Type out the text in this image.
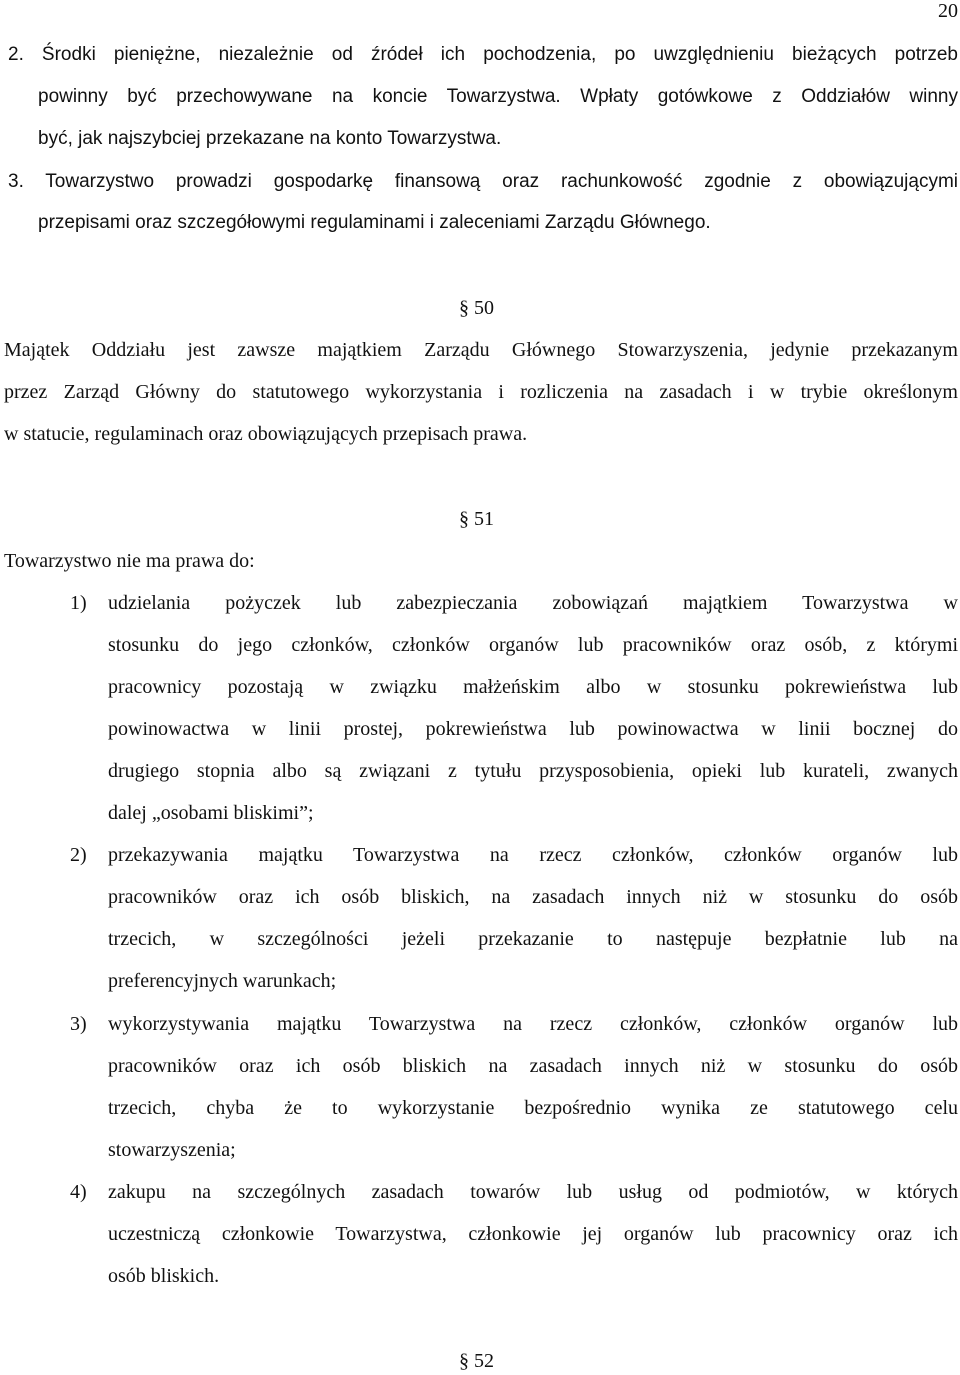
20
2. Środki pieniężne, niezależnie od źródeł ich pochodzenia, po uwzględnieniu bieżących potrzeb
powinny być przechowywane na koncie Towarzystwa. Wpłaty gotówkowe z Oddziałów winny
być, jak najszybciej przekazane na konto Towarzystwa.
3. Towarzystwo prowadzi gospodarkę finansową oraz rachunkowość zgodnie z obowiązującymi
przepisami oraz szczegółowymi regulaminami i zaleceniami Zarządu Głównego.
§ 50
Majątek Oddziału jest zawsze majątkiem Zarządu Głównego Stowarzyszenia, jedynie przekazanym
przez Zarząd Główny do statutowego wykorzystania i rozliczenia na zasadach i w trybie określonym
w statucie, regulaminach oraz obowiązujących przepisach prawa.
§ 51
Towarzystwo nie ma prawa do:
1) udzielania pożyczek lub zabezpieczania zobowiązań majątkiem Towarzystwa w
stosunku do jego członków, członków organów lub pracowników oraz osób, z którymi
pracownicy pozostają w związku małżeńskim albo w stosunku pokrewieństwa lub
powinowactwa w linii prostej, pokrewieństwa lub powinowactwa w linii bocznej do
drugiego stopnia albo są związani z tytułu przysposobienia, opieki lub kurateli, zwanych
dalej „osobami bliskimi”;
2) przekazywania majątku Towarzystwa na rzecz członków, członków organów lub
pracowników oraz ich osób bliskich, na zasadach innych niż w stosunku do osób
trzecich, w szczególności jeżeli przekazanie to następuje bezpłatnie lub na
preferencyjnych warunkach;
3) wykorzystywania majątku Towarzystwa na rzecz członków, członków organów lub
pracowników oraz ich osób bliskich na zasadach innych niż w stosunku do osób
trzecich, chyba że to wykorzystanie bezpośrednio wynika ze statutowego celu
stowarzyszenia;
4) zakupu na szczególnych zasadach towarów lub usług od podmiotów, w których
uczestniczą członkowie Towarzystwa, członkowie jej organów lub pracownicy oraz ich
osób bliskich.
§ 52
